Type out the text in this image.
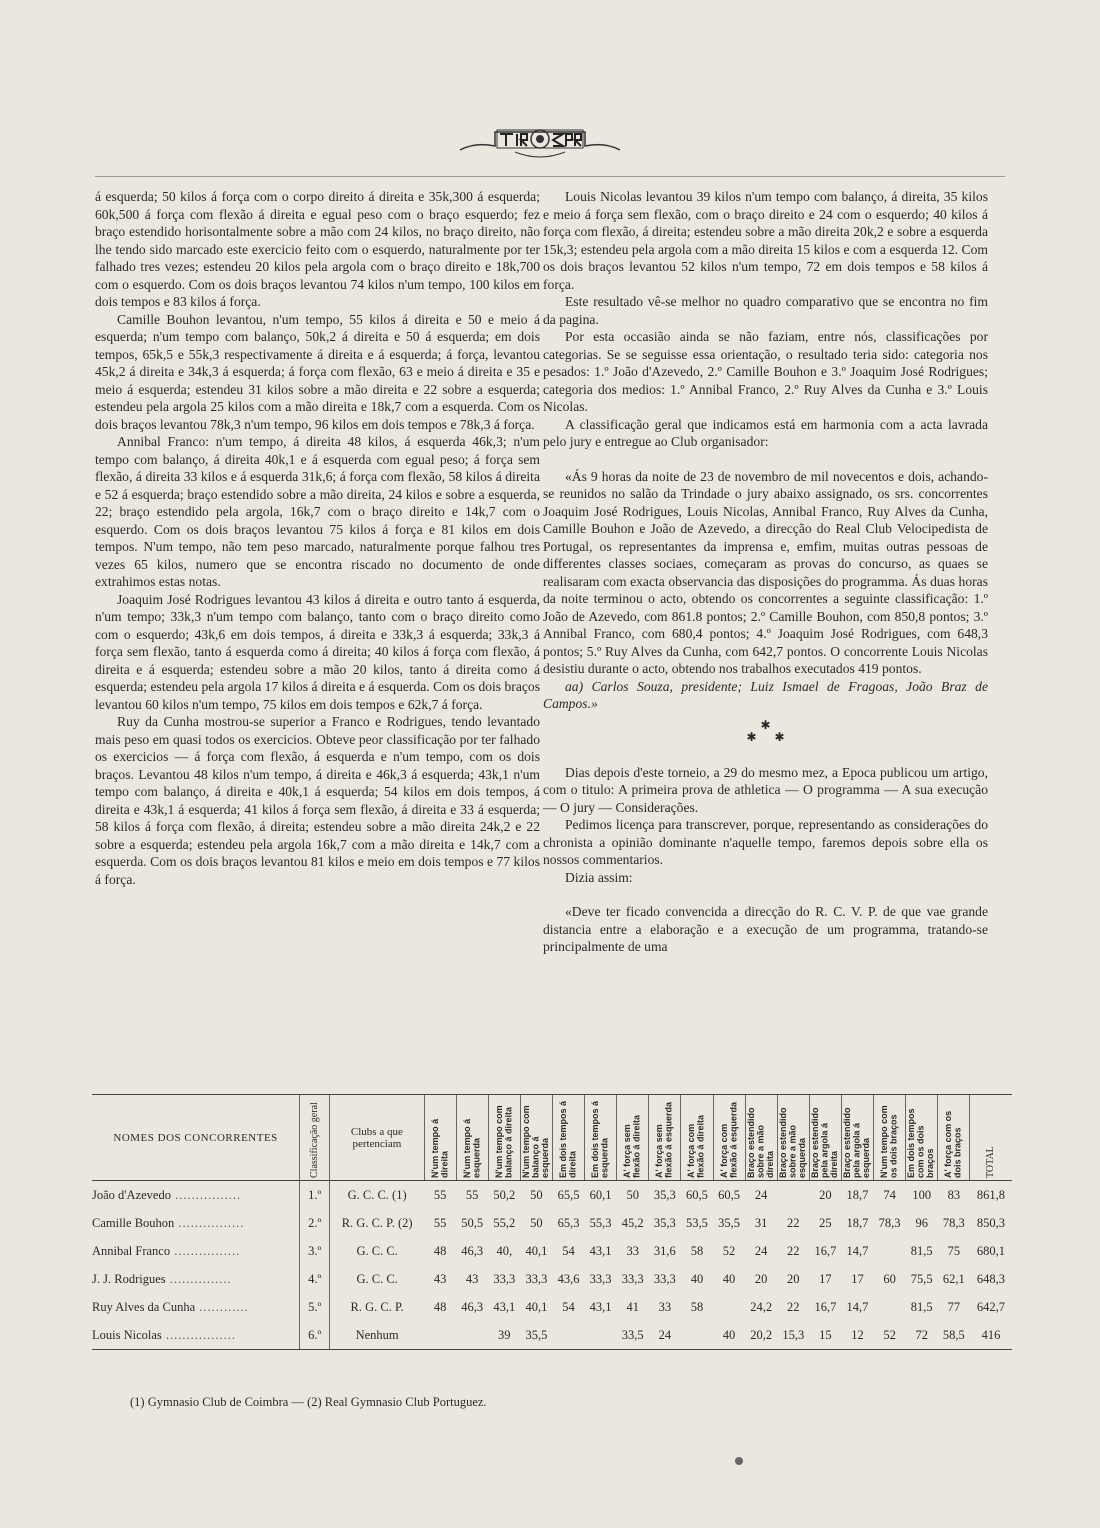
á esquerda; 50 kilos á força com o corpo direito á direita e 35k,300 á esquerda; 60k,500 á força com flexão á direita e egual peso com o braço esquerdo; fez braço estendido horisontalmente sobre a mão com 24 kilos, no braço direito, não lhe tendo sido marcado este exercicio feito com o esquerdo, naturalmente por ter falhado tres vezes; estendeu 20 kilos pela argola com o braço direito e 18k,700 com o esquerdo. Com os dois braços levantou 74 kilos n'um tempo, 100 kilos em dois tempos e 83 kilos á força.

Camille Bouhon levantou, n'um tempo, 55 kilos á direita e 50 e meio á esquerda; n'um tempo com balanço, 50k,2 á direita e 50 á esquerda; em dois tempos, 65k,5 e 55k,3 respectivamente á direita e á esquerda; á força, levantou 45k,2 á direita e 34k,3 á esquerda; á força com flexão, 63 e meio á direita e 35 e meio á esquerda; estendeu 31 kilos sobre a mão direita e 22 sobre a esquerda; estendeu pela argola 25 kilos com a mão direita e 18k,7 com a esquerda. Com os dois braços levantou 78k,3 n'um tempo, 96 kilos em dois tempos e 78k,3 á força.

Annibal Franco: n'um tempo, á direita 48 kilos, á esquerda 46k,3; n'um tempo com balanço, á direita 40k,1 e á esquerda com egual peso; á força sem flexão, á direita 33 kilos e á esquerda 31k,6; á força com flexão, 58 kilos á direita e 52 á esquerda; braço estendido sobre a mão direita, 24 kilos e sobre a esquerda, 22; braço estendido pela argola, 16k,7 com o braço direito e 14k,7 com o esquerdo. Com os dois braços levantou 75 kilos á força e 81 kilos em dois tempos. N'um tempo, não tem peso marcado, naturalmente porque falhou tres vezes 65 kilos, numero que se encontra riscado no documento de onde extrahimos estas notas.

Joaquim José Rodrigues levantou 43 kilos á direita e outro tanto á esquerda, n'um tempo; 33k,3 n'um tempo com balanço, tanto com o braço direito como com o esquerdo; 43k,6 em dois tempos, á direita e 33k,3 á esquerda; 33k,3 á força sem flexão, tanto á esquerda como á direita; 40 kilos á força com flexão, á direita e á esquerda; estendeu sobre a mão 20 kilos, tanto á direita como á esquerda; estendeu pela argola 17 kilos á direita e á esquerda. Com os dois braços levantou 60 kilos n'um tempo, 75 kilos em dois tempos e 62k,7 á força.

Ruy da Cunha mostrou-se superior a Franco e Rodrigues, tendo levantado mais peso em quasi todos os exercicios. Obteve peor classificação por ter falhado os exercicios — á força com flexão, á esquerda e n'um tempo, com os dois braços. Levantou 48 kilos n'um tempo, á direita e 46k,3 á esquerda; 43k,1 n'um tempo com balanço, á direita e 40k,1 á esquerda; 54 kilos em dois tempos, á direita e 43k,1 á esquerda; 41 kilos á força sem flexão, á direita e 33 á esquerda; 58 kilos á força com flexão, á direita; estendeu sobre a mão direita 24k,2 e 22 sobre a esquerda; estendeu pela argola 16k,7 com a mão direita e 14k,7 com a esquerda. Com os dois braços levantou 81 kilos e meio em dois tempos e 77 kilos á força.

Louis Nicolas levantou 39 kilos n'um tempo com balanço, á direita, 35 kilos e meio á força sem flexão, com o braço direito e 24 com o esquerdo; 40 kilos á força com flexão, á direita; estendeu sobre a mão direita 20k,2 e sobre a esquerda 15k,3; estendeu pela argola com a mão direita 15 kilos e com a esquerda 12. Com os dois braços levantou 52 kilos n'um tempo, 72 em dois tempos e 58 kilos á força.

Este resultado vê-se melhor no quadro comparativo que se encontra no fim da pagina.

Por esta occasião ainda se não faziam, entre nós, classificações por categorias. Se se seguisse essa orientação, o resultado teria sido: categoria nos pesados: 1.º João d'Azevedo, 2.º Camille Bouhon e 3.º Joaquim José Rodrigues; categoria dos medios: 1.º Annibal Franco, 2.º Ruy Alves da Cunha e 3.º Louis Nicolas.

A classificação geral que indicamos está em harmonia com a acta lavrada pelo jury e entregue ao Club organisador:

«Ás 9 horas da noite de 23 de novembro de mil novecentos e dois, achando-se reunidos no salão da Trindade o jury abaixo assignado, os srs. concorrentes Joaquim José Rodrigues, Louis Nicolas, Annibal Franco, Ruy Alves da Cunha, Camille Bouhon e João de Azevedo, a direcção do Real Club Velocipedista de Portugal, os representantes da imprensa e, emfim, muitas outras pessoas de differentes classes sociaes, começaram as provas do concurso, as quaes se realisaram com exacta observancia das disposições do programma. Ás duas horas da noite terminou o acto, obtendo os concorrentes a seguinte classificação: 1.º João de Azevedo, com 861.8 pontos; 2.º Camille Bouhon, com 850,8 pontos; 3.º Annibal Franco, com 680,4 pontos; 4.º Joaquim José Rodrigues, com 648,3 pontos; 5.º Ruy Alves da Cunha, com 642,7 pontos. O concorrente Louis Nicolas desistiu durante o acto, obtendo nos trabalhos executados 419 pontos.

aa) Carlos Souza, presidente; Luiz Ismael de Fragoas, João Braz de Campos.»

✱
✱      ✱

Dias depois d'este torneio, a 29 do mesmo mez, a Epoca publicou um artigo, com o titulo: A primeira prova de athletica — O programma — A sua execução — O jury — Considerações.

Pedimos licença para transcrever, porque, representando as considerações do chronista a opinião dominante n'aquelle tempo, faremos depois sobre ella os nossos commentarios.

Dizia assim:

«Deve ter ficado convencida a direcção do R. C. V. P. de que vae grande distancia entre a elaboração e a execução de um programma, tratando-se principalmente de uma

NOMES DOS CONCORRENTES	Classificação geral	Clubs a que pertenciam	N'um tempo á direita	N'um tempo á esquerda	N'um tempo com balanço á direita	N'um tempo com balanço á esquerda	Em dois tempos á direita	Em dois tempos á esquerda	A' força sem flexão á direita	A' força sem flexão á esquerda	A' força com flexão á direita	A' força com flexão á esquerda	Braço estendido sobre a mão direita	Braço estendido sobre a mão esquerda	Braço estendido pela argola á direita	Braço estendido pela argola á esquerda	N'um tempo com os dois braços	Em dois tempos com os dois braços	A' força com os dois braços	TOTAL

João d'Azevedo ................	1.º	G. C. C. (1)	55	55	50,2	50	65,5	60,1	50	35,3	60,5	60,5	24		20	18,7	74	100	83	861,8
Camille Bouhon ................	2.º	R. G. C. P. (2)	55	50,5	55,2	50	65,3	55,3	45,2	35,3	53,5	35,5	31	22	25	18,7	78,3	96	78,3	850,3
Annibal Franco ................	3.º	G. C. C.	48	46,3	40,	40,1	54	43,1	33	31,6	58	52	24	22	16,7	14,7		81,5	75	680,1
J. J. Rodrigues ...............	4.º	G. C. C.	43	43	33,3	33,3	43,6	33,3	33,3	33,3	40	40	20	20	17	17	60	75,5	62,1	648,3
Ruy Alves da Cunha ............	5.º	R. G. C. P.	48	46,3	43,1	40,1	54	43,1	41	33	58		24,2	22	16,7	14,7		81,5	77	642,7
Louis Nicolas .................	6.º	Nenhum			39	35,5			33,5	24		40	20,2	15,3	15	12	52	72	58,5	416
(1) Gymnasio Club de Coimbra — (2) Real Gymnasio Club Portuguez.
